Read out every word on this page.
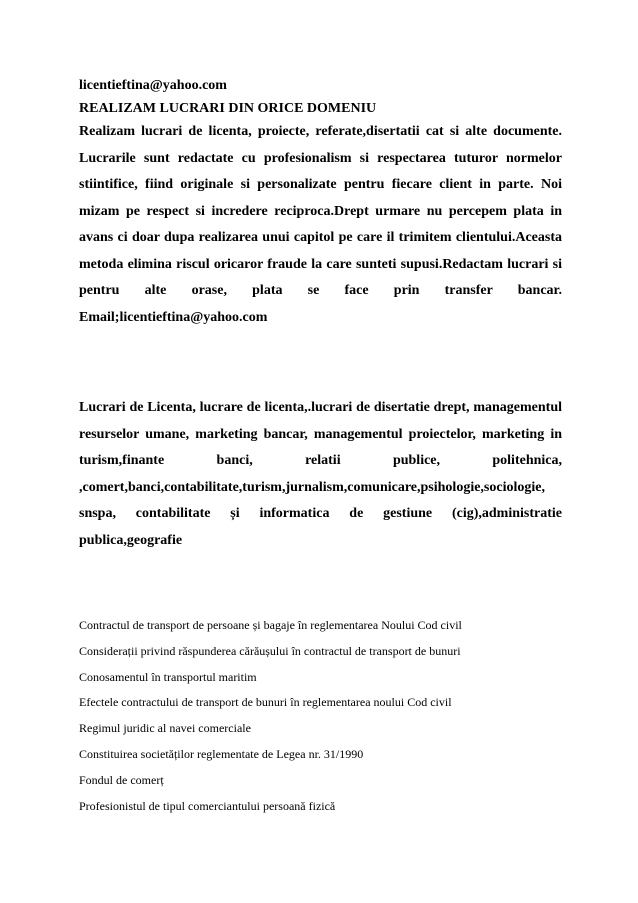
licentieftina@yahoo.com

REALIZAM LUCRARI DIN ORICE DOMENIU

Realizam lucrari de licenta, proiecte, referate,disertatii cat si alte documente. Lucrarile sunt redactate cu profesionalism si respectarea tuturor normelor stiintifice, fiind originale si personalizate pentru fiecare client in parte. Noi mizam pe respect si incredere reciproca.Drept urmare nu percepem plata in avans ci doar dupa realizarea unui capitol pe care il trimitem clientului.Aceasta metoda elimina riscul oricaror fraude la care sunteti supusi.Redactam lucrari si pentru alte orase, plata se face prin transfer bancar. Email;licentieftina@yahoo.com

Lucrari de Licenta, lucrare de licenta,.lucrari de disertatie drept, managementul resurselor umane, marketing bancar, managementul proiectelor, marketing in turism,finante banci, relatii publice, politehnica, ,comert,banci,contabilitate,turism,jurnalism,comunicare,psihologie,sociologie, snspa, contabilitate și informatica de gestiune (cig),administratie publica,geografie

Contractul de transport de persoane și bagaje în reglementarea Noului Cod civil
Considerații privind răspunderea cărăușului în contractul de transport de bunuri
Conosamentul în transportul maritim
Efectele contractului de transport de bunuri în reglementarea noului Cod civil
Regimul juridic al navei comerciale
Constituirea societăților reglementate de Legea nr. 31/1990
Fondul de comerț
Profesionistul de tipul comerciantului persoană fizică
